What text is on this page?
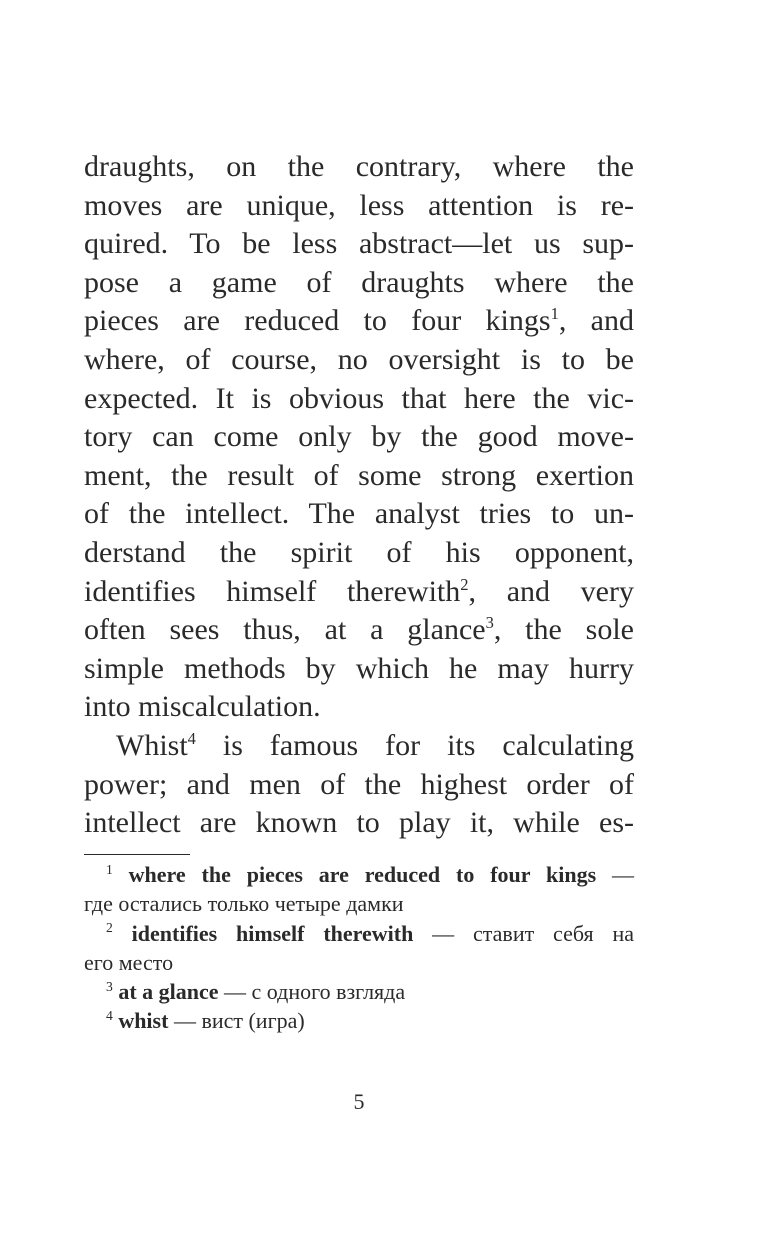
draughts, on the contrary, where the
moves are unique, less attention is re-
quired. To be less abstract—let us sup-
pose a game of draughts where the
pieces are reduced to four kings$^1$, and
where, of course, no oversight is to be
expected. It is obvious that here the vic-
tory can come only by the good move-
ment, the result of some strong exertion
of the intellect. The analyst tries to un-
derstand the spirit of his opponent,
identifies himself therewith$^2$, and very
often sees thus, at a glance$^3$, the sole
simple methods by which he may hurry
into miscalculation.
Whist$^4$ is famous for its calculating
power; and men of the highest order of
intellect are known to play it, while es-
$^1$ where the pieces are reduced to four kings —
где остались только четыре дамки
$^2$ identifies himself therewith — ставит себя на
его место
$^3$ at a glance — с одного взгляда
$^4$ whist — вист (игра)
5
